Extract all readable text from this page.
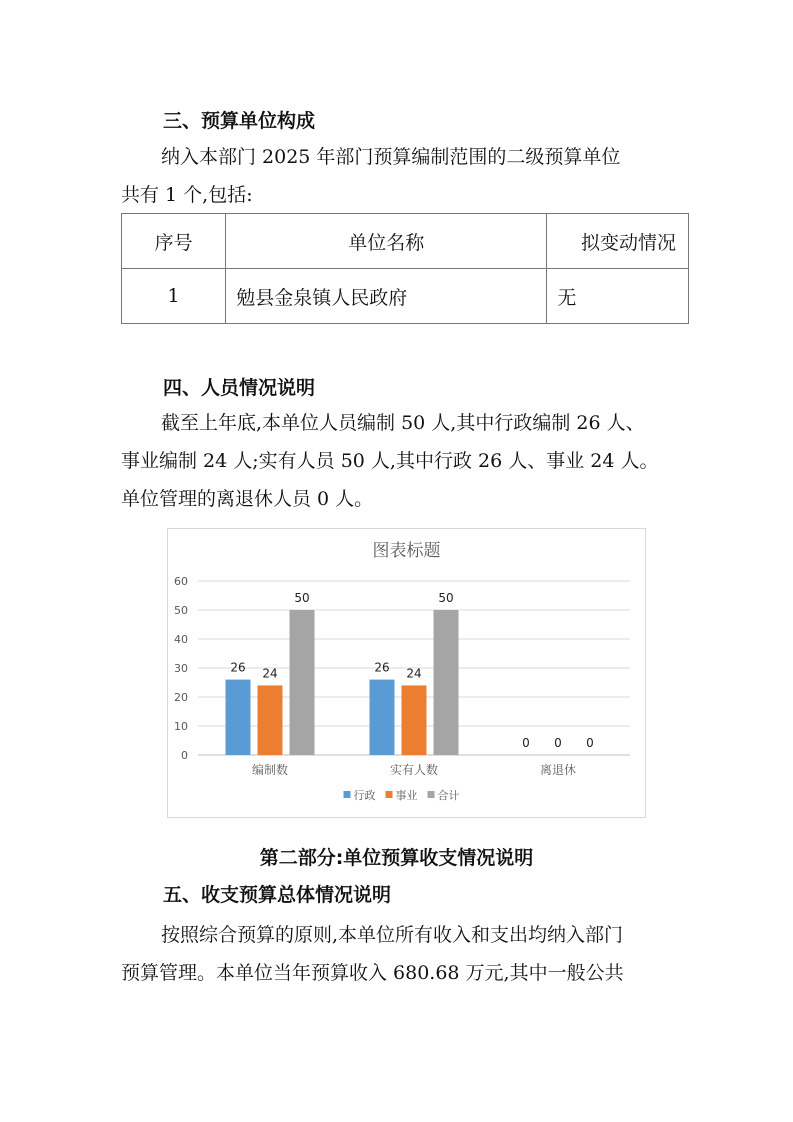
三、预算单位构成

纳入本部门 2025 年部门预算编制范围的二级预算单位
共有 1 个,包括:

序号	单位名称	拟变动情况
1	勉县金泉镇人民政府	无
四、人员情况说明

截至上年底,本单位人员编制 50 人,其中行政编制 26 人、
事业编制 24 人;实有人员 50 人,其中行政 26 人、事业 24 人。
单位管理的离退休人员 0 人。

图表标题
0
10
20
30
40
50
60
26 24
50
编制数
26 24
50
实有人数
0 0 0
离退休
行政 事业 合计
第二部分:单位预算收支情况说明
五、收支预算总体情况说明

按照综合预算的原则,本单位所有收入和支出均纳入部门
预算管理。本单位当年预算收入 680.68 万元,其中一般公共
